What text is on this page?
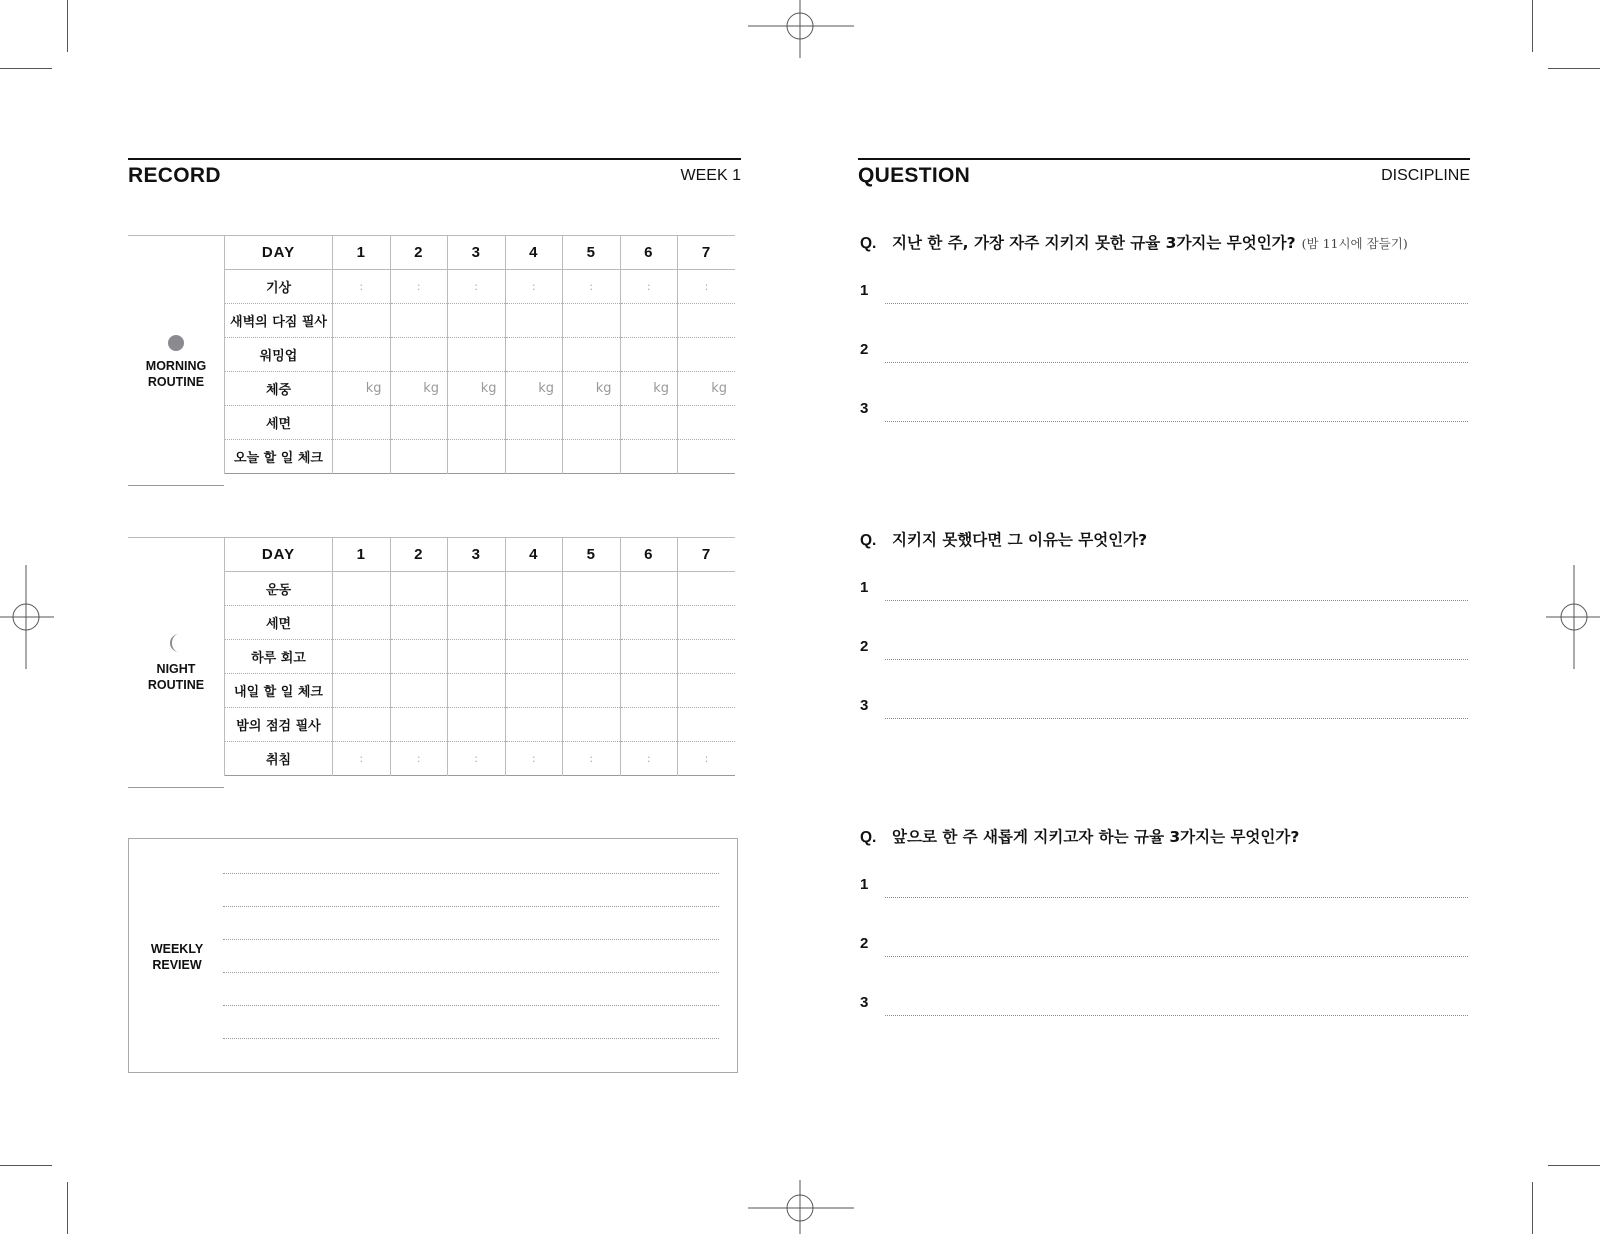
RECORD	WEEK 1	QUESTION	DISCIPLINE
MORNING
ROUTINE
DAY	1	2	3	4	5	6	7
기상	:	:	:	:	:	:	:
새벽의 다짐 필사							
워밍업							
체중	kg	kg	kg	kg	kg	kg	kg
세면							
오늘 할 일 체크							
NIGHT
ROUTINE
DAY	1	2	3	4	5	6	7
운동							
세면							
하루 회고							
내일 할 일 체크							
밤의 점검 필사							
취침	:	:	:	:	:	:	:
WEEKLY
REVIEW
Q. 지난 한 주, 가장 자주 지키지 못한 규율 3가지는 무엇인가? (밤 11시에 잠들기)
1
2
3
Q. 지키지 못했다면 그 이유는 무엇인가?
1
2
3
Q. 앞으로 한 주 새롭게 지키고자 하는 규율 3가지는 무엇인가?
1
2
3
